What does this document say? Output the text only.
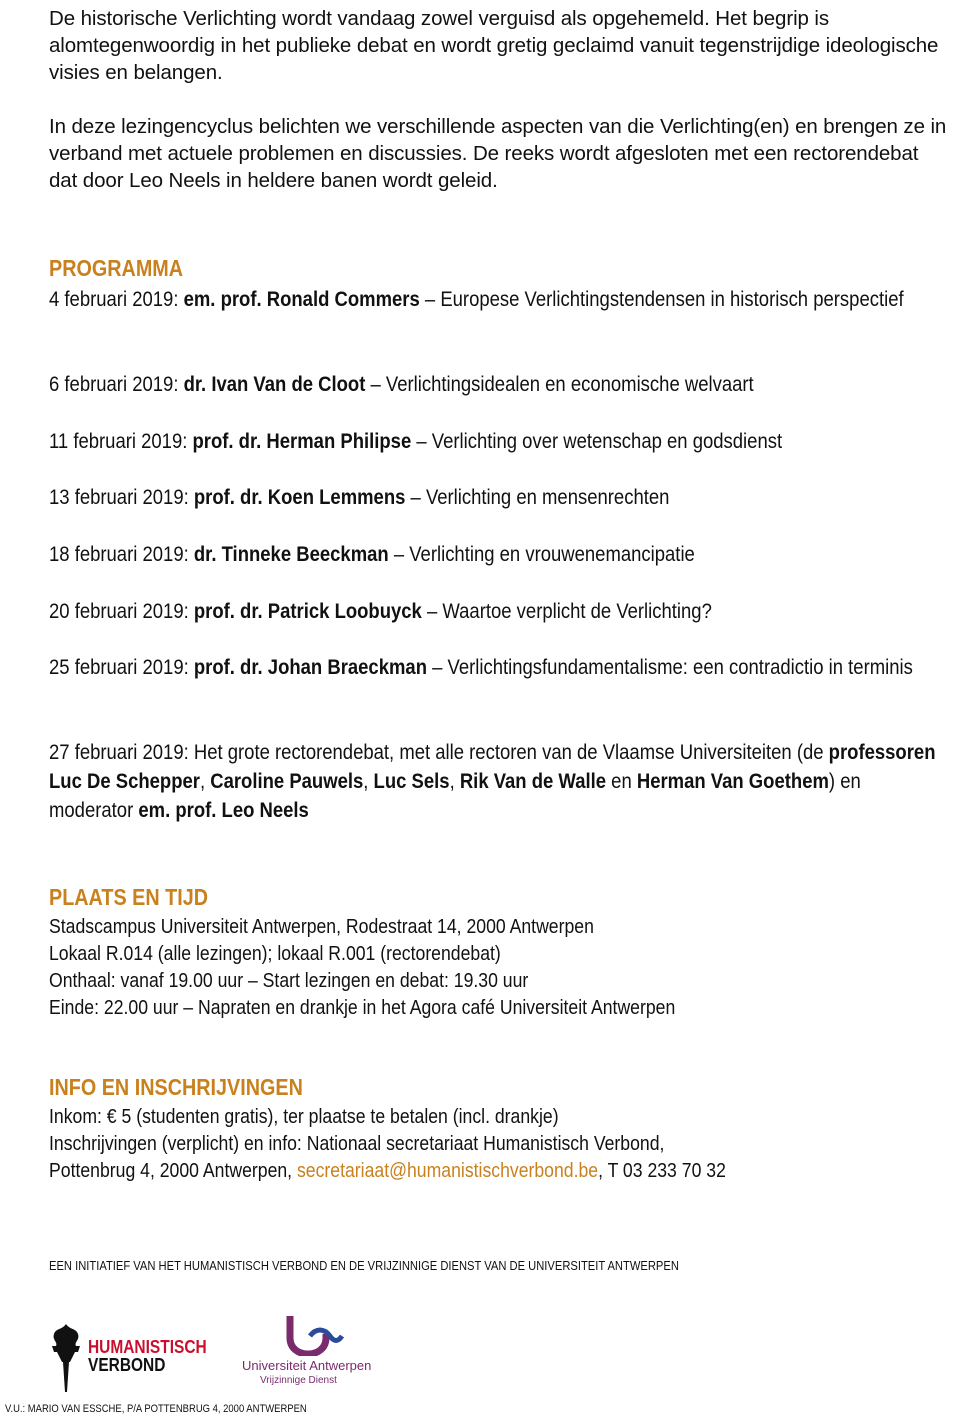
De historische Verlichting wordt vandaag zowel verguisd als opgehemeld. Het begrip is alomtegenwoordig in het publieke debat en wordt gretig geclaimd vanuit tegenstrijdige ideologische visies en belangen.

In deze lezingencyclus belichten we verschillende aspecten van die Verlichting(en) en brengen ze in verband met actuele problemen en discussies. De reeks wordt afgesloten met een rectorendebat dat door Leo Neels in heldere banen wordt geleid.

PROGRAMMA
4 februari 2019: em. prof. Ronald Commers – Europese Verlichtingstendensen in historisch perspectief
6 februari 2019: dr. Ivan Van de Cloot – Verlichtingsidealen en economische welvaart
11 februari 2019: prof. dr. Herman Philipse – Verlichting over wetenschap en godsdienst
13 februari 2019: prof. dr. Koen Lemmens – Verlichting en mensenrechten
18 februari 2019: dr. Tinneke Beeckman – Verlichting en vrouwenemancipatie
20 februari 2019: prof. dr. Patrick Loobuyck – Waartoe verplicht de Verlichting?
25 februari 2019: prof. dr. Johan Braeckman – Verlichtingsfundamentalisme: een contradictio in terminis
27 februari 2019: Het grote rectorendebat, met alle rectoren van de Vlaamse Universiteiten (de professoren Luc De Schepper, Caroline Pauwels, Luc Sels, Rik Van de Walle en Herman Van Goethem) en moderator em. prof. Leo Neels
PLAATS EN TIJD

Stadscampus Universiteit Antwerpen, Rodestraat 14, 2000 Antwerpen

Lokaal R.014 (alle lezingen); lokaal R.001 (rectorendebat)

Onthaal: vanaf 19.00 uur – Start lezingen en debat: 19.30 uur

Einde: 22.00 uur – Napraten en drankje in het Agora café Universiteit Antwerpen

INFO EN INSCHRIJVINGEN

Inkom: € 5 (studenten gratis), ter plaatse te betalen (incl. drankje)

Inschrijvingen (verplicht) en info: Nationaal secretariaat Humanistisch Verbond,

Pottenbrug 4, 2000 Antwerpen, secretariaat@humanistischverbond.be, T 03 233 70 32

EEN INITIATIEF VAN HET HUMANISTISCH VERBOND EN DE VRIJZINNIGE DIENST VAN DE UNIVERSITEIT ANTWERPEN
HUMANISTISCH
VERBOND	Universiteit Antwerpen
Vrijzinnige Dienst
V.U.: MARIO VAN ESSCHE, P/A POTTENBRUG 4, 2000 ANTWERPEN
